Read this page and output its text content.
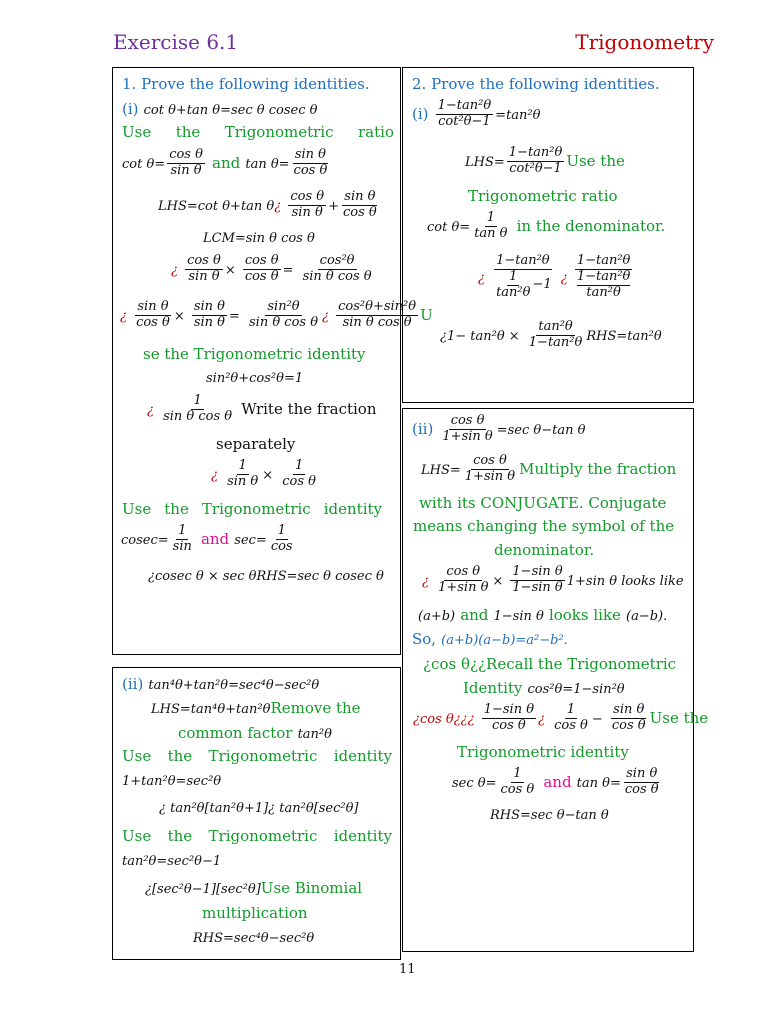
Exercise 6.1	Trigonometry
1. Prove the following identities.
(i) cot θ+tan θ=sec θ cosec θ
Use the Trigonometric ratio
$\cot \theta= \frac{\text{cos θ}}{\text{sin θ}}$ and $\tan \theta= \frac{\text{sin θ}}{\text{cos θ}}$
LHS=cot θ+tan θ¿ $\frac{\text{cos θ}}{\text{sin θ}} + \frac{\text{sin θ}}{\text{cos θ}}$
LCM=sin θ cos θ
¿ $\frac{\text{cos θ}}{\text{sin θ}} \times \frac{\text{cos θ}}{\text{cos θ}} = \frac{\text{cos²θ}}{\text{sin θ cos θ}}$
¿ $\frac{\text{sin θ}}{\text{cos θ}} \times \frac{\text{sin θ}}{\text{sin θ}} = \frac{\text{sin²θ}}{\text{sin θ cos θ}}$ ¿ $\frac{\text{cos²θ+sin²θ}}{\text{sin θ cos θ}}$ U
se the Trigonometric identity
sin²θ+cos²θ=1
¿ $\frac{1}{\text{sin θ cos θ}}$ Write the fraction
separately
¿ $\frac{1}{\text{sin θ}} \times \frac{1}{\text{cos θ}}$
Use the Trigonometric identity
$cosec= \frac{1}{\sin}$ and $\sec= \frac{1}{\cos}$
¿cosec θ × sec θRHS=sec θ cosec θ
(ii) tan⁴θ+tan²θ=sec⁴θ−sec²θ
LHS=tan⁴θ+tan²θRemove the
common factor tan²θ
Use the Trigonometric identity
1+tan²θ=sec²θ
¿ tan²θ[tan²θ+1]¿ tan²θ[sec²θ]
Use the Trigonometric identity
tan²θ=sec²θ−1
¿[sec²θ−1][sec²θ]Use Binomial
multiplication
RHS=sec⁴θ−sec²θ
2. Prove the following identities.
$(i) \frac{\text{1−tan²θ}}{\text{cot²θ−1}} =\tan^2\theta$
$LHS= \frac{\text{1−tan²θ}}{\text{cot²θ−1}}$ Use the
Trigonometric ratio
$\cot \theta= \frac{1}{\text{tan θ}}$ in the denominator.
¿ $\frac{\text{1−tan²θ}}{\frac{1}{\text{tan²θ}} -1}$ ¿ 1−tan²θ
1−tan²θ
tan²θ
¿$1- \tan^2\theta \times \frac{\text{tan²θ}}{\text{1−tan²θ}} RHS=\tan^2\theta$
$(ii) \frac{\text{cos θ}}{\text{1+sin θ}} =\sec$ θ−tan θ
$LHS= \frac{\text{cos θ}}{\text{1+sin θ}}$ Multiply the fraction
with its CONJUGATE. Conjugate
means changing the symbol of the
denominator.
¿ $\frac{\text{cos θ}}{\text{1+sin θ}} \times \frac{\text{1−sin θ}}{\text{1−sin θ}} 1+\sin$ θ looks like
(a+b) and 1−sin θ looks like (a−b).
So, (a+b)(a−b)=a²−b².
¿cos θ¿¿Recall the Trigonometric
Identity cos²θ=1−sin²θ
¿cos θ¿¿¿ $\frac{\text{1−sin θ}}{\text{cos θ}}$ ¿ $\frac{1}{\text{cos θ}} - \frac{\text{sin θ}}{\text{cos θ}}$ Use the
Trigonometric identity
$\sec \theta= \frac{1}{\text{cos θ}}$ and $\tan \theta= \frac{\text{sin θ}}{\text{cos θ}}$
RHS=sec θ−tan θ
11
